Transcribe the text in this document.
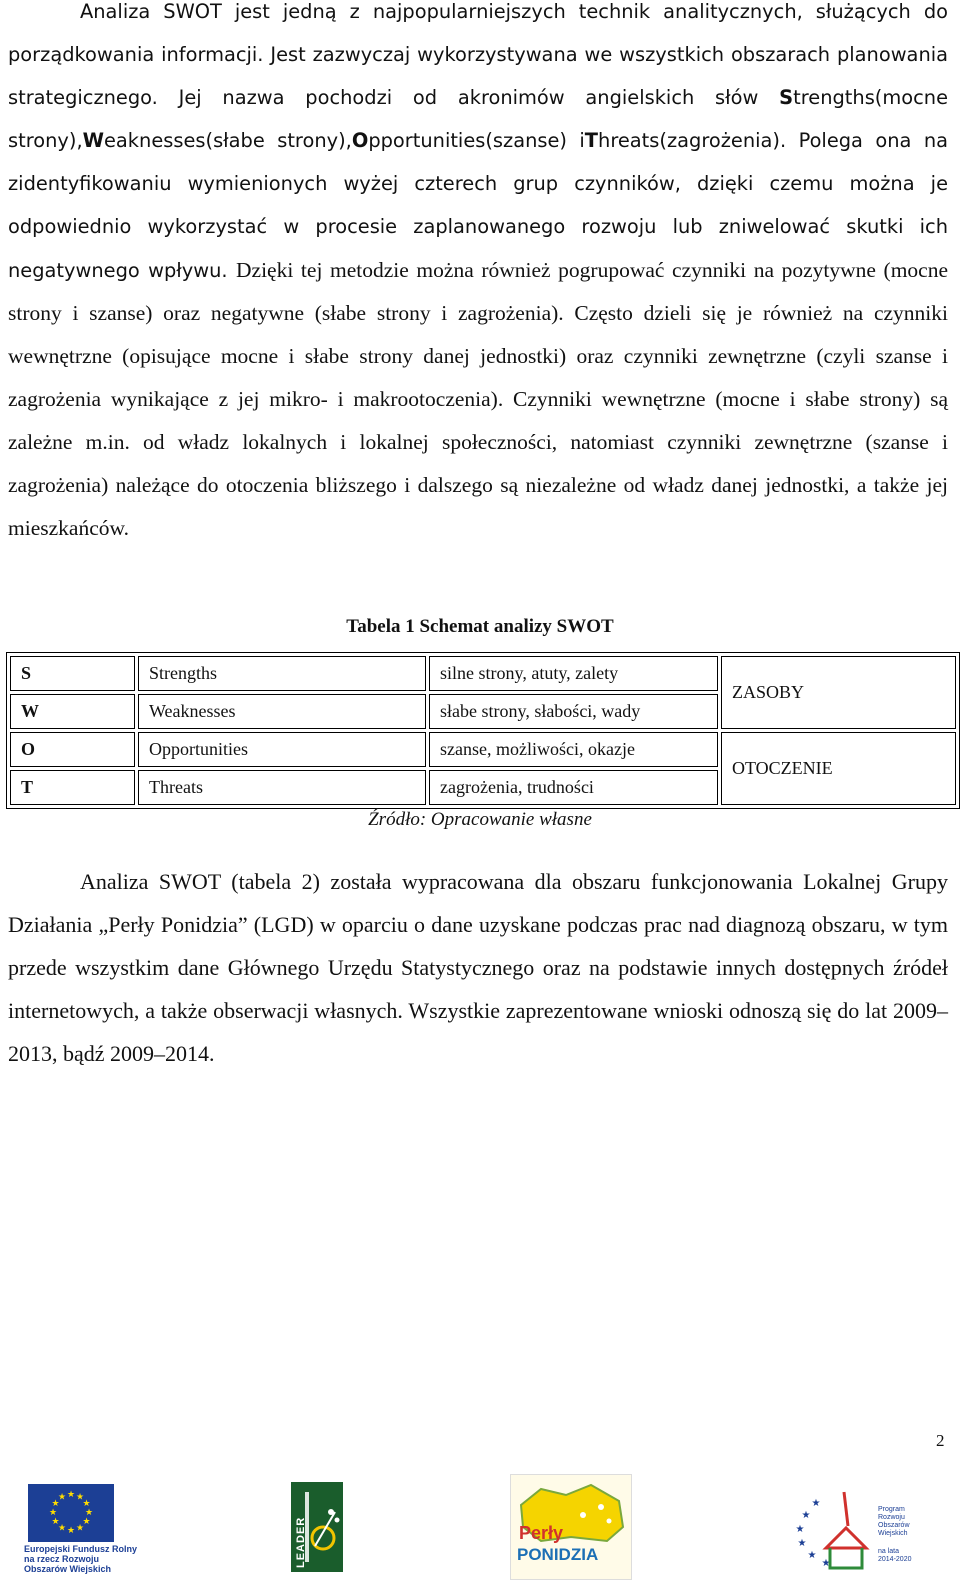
Analiza SWOT jest jedną z najpopularniejszych technik analitycznych, służących do porządkowania informacji. Jest zazwyczaj wykorzystywana we wszystkich obszarach planowania strategicznego. Jej nazwa pochodzi od akronimów angielskich słów Strengths(mocne strony),Weaknesses(słabe strony),Opportunities(szanse) iThreats(zagrożenia). Polega ona na zidentyfikowaniu wymienionych wyżej czterech grup czynników, dzięki czemu można je odpowiednio wykorzystać w procesie zaplanowanego rozwoju lub zniwelować skutki ich negatywnego wpływu. Dzięki tej metodzie można również pogrupować czynniki na pozytywne (mocne strony i szanse) oraz negatywne (słabe strony i zagrożenia). Często dzieli się je również na czynniki wewnętrzne (opisujące mocne i słabe strony danej jednostki) oraz czynniki zewnętrzne (czyli szanse i zagrożenia wynikające z jej mikro- i makrootoczenia). Czynniki wewnętrzne (mocne i słabe strony) są zależne m.in. od władz lokalnych i lokalnej społeczności, natomiast czynniki zewnętrzne (szanse i zagrożenia) należące do otoczenia bliższego i dalszego są niezależne od władz danej jednostki, a także jej mieszkańców.

Tabela 1 Schemat analizy SWOT
S	Strengths	silne strony, atuty, zalety	ZASOBY
W	Weaknesses	słabe strony, słabości, wady	
O	Opportunities	szanse, możliwości, okazje	OTOCZENIE
T	Threats	zagrożenia, trudności	
Źródło: Opracowanie własne

Analiza SWOT (tabela 2) została wypracowana dla obszaru funkcjonowania Lokalnej Grupy Działania „Perły Ponidzia” (LGD) w oparciu o dane uzyskane podczas prac nad diagnozą obszaru, w tym przede wszystkim dane Głównego Urzędu Statystycznego oraz na podstawie innych dostępnych źródeł internetowych, a także obserwacji własnych. Wszystkie zaprezentowane wnioski odnoszą się do lat 2009–2013, bądź 2009–2014.

2
★ ★
★
★
★
★
★
★
★
★
★
★
Europejski Fundusz Rolny na rzecz Rozwoju Obszarów Wiejskich
LEADER	Perły
PONIDZIA
★
★
★
★
★
★
Program Rozwoju Obszarów Wiejskich
na lata 2014-2020
